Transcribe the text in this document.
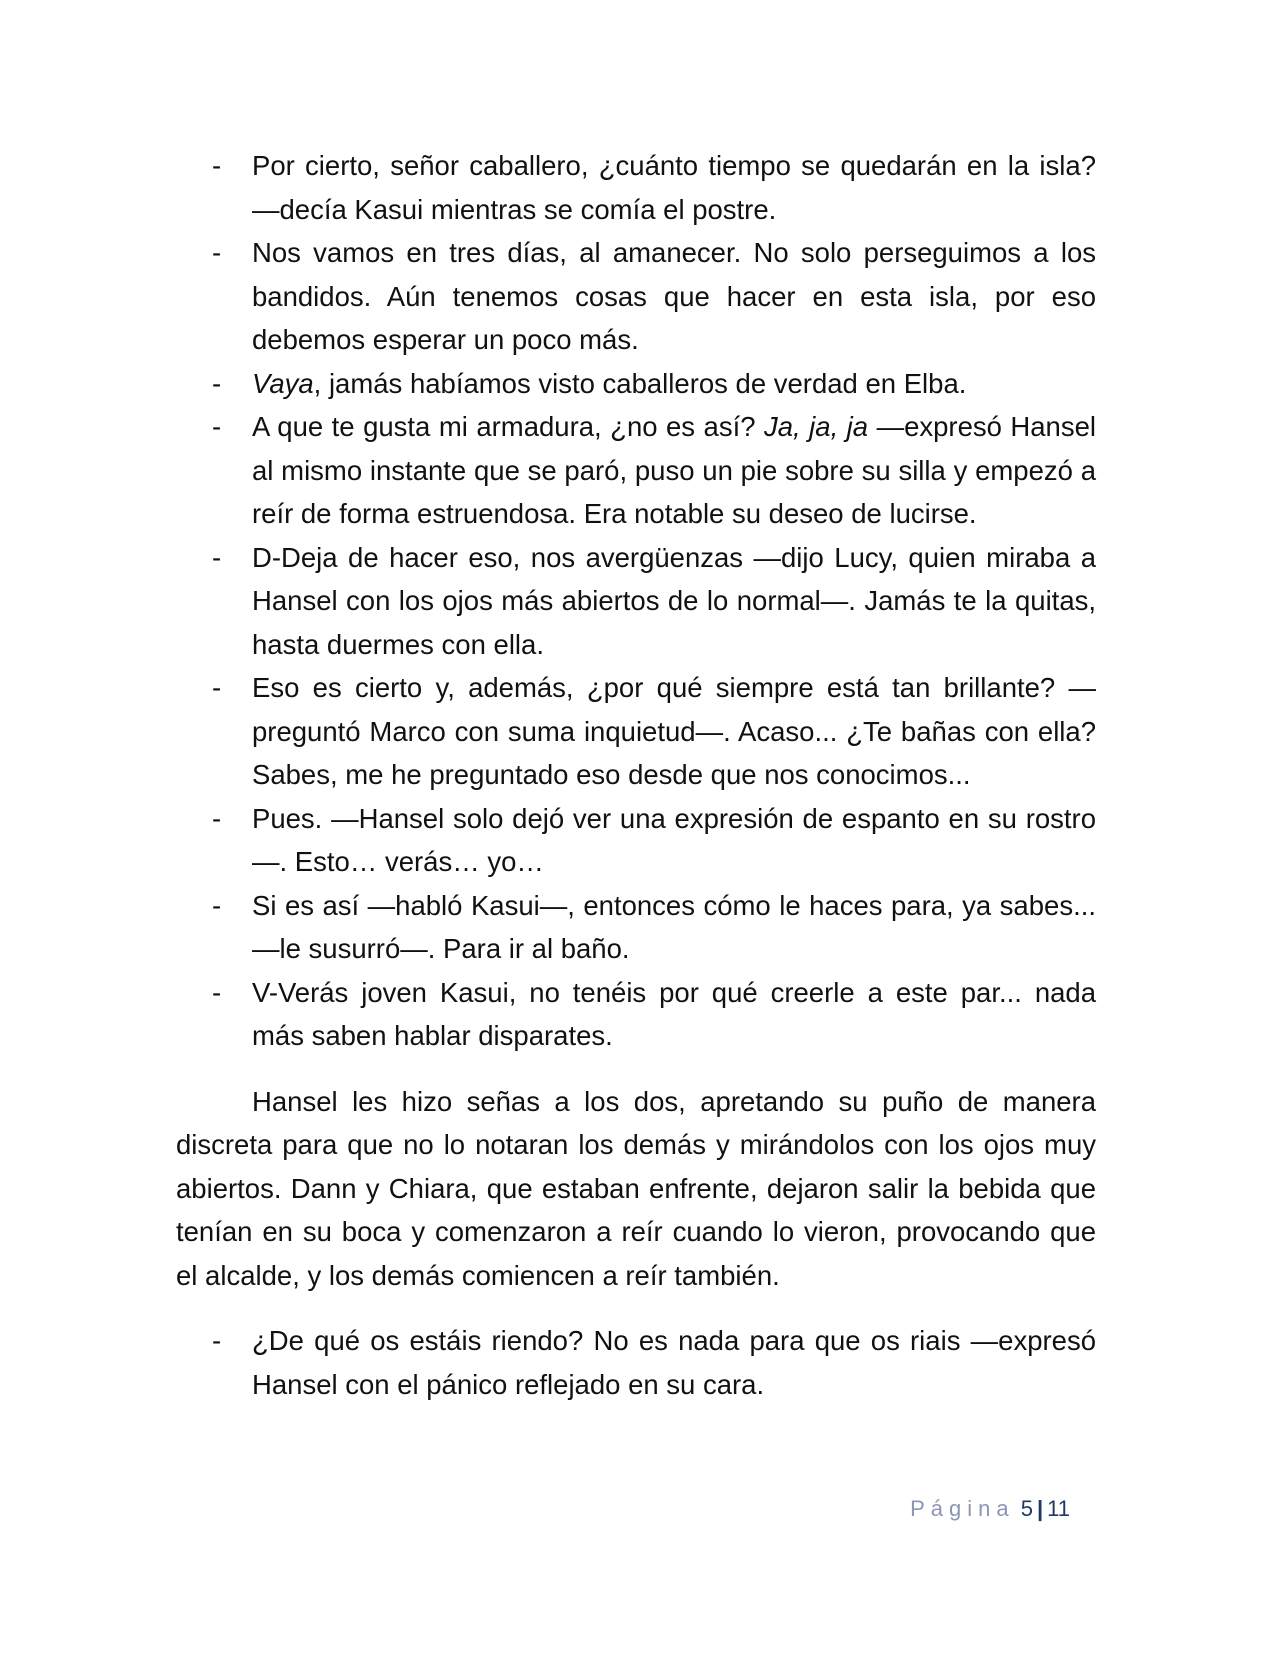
- Por cierto, señor caballero, ¿cuánto tiempo se quedarán en la isla? —decía Kasui mientras se comía el postre.
- Nos vamos en tres días, al amanecer. No solo perseguimos a los bandidos. Aún tenemos cosas que hacer en esta isla, por eso debemos esperar un poco más.
- Vaya, jamás habíamos visto caballeros de verdad en Elba.
- A que te gusta mi armadura, ¿no es así? Ja, ja, ja —expresó Hansel al mismo instante que se paró, puso un pie sobre su silla y empezó a reír de forma estruendosa. Era notable su deseo de lucirse.
- D-Deja de hacer eso, nos avergüenzas —dijo Lucy, quien miraba a Hansel con los ojos más abiertos de lo normal—. Jamás te la quitas, hasta duermes con ella.
- Eso es cierto y, además, ¿por qué siempre está tan brillante? —preguntó Marco con suma inquietud—. Acaso... ¿Te bañas con ella? Sabes, me he preguntado eso desde que nos conocimos...
- Pues. —Hansel solo dejó ver una expresión de espanto en su rostro—. Esto… verás… yo…
- Si es así —habló Kasui—, entonces cómo le haces para, ya sabes... —le susurró—. Para ir al baño.
- V-Verás joven Kasui, no tenéis por qué creerle a este par... nada más saben hablar disparates.

Hansel les hizo señas a los dos, apretando su puño de manera discreta para que no lo notaran los demás y mirándolos con los ojos muy abiertos. Dann y Chiara, que estaban enfrente, dejaron salir la bebida que tenían en su boca y comenzaron a reír cuando lo vieron, provocando que el alcalde, y los demás comiencen a reír también.

- ¿De qué os estáis riendo? No es nada para que os riais —expresó Hansel con el pánico reflejado en su cara.
Página 5 | 11
